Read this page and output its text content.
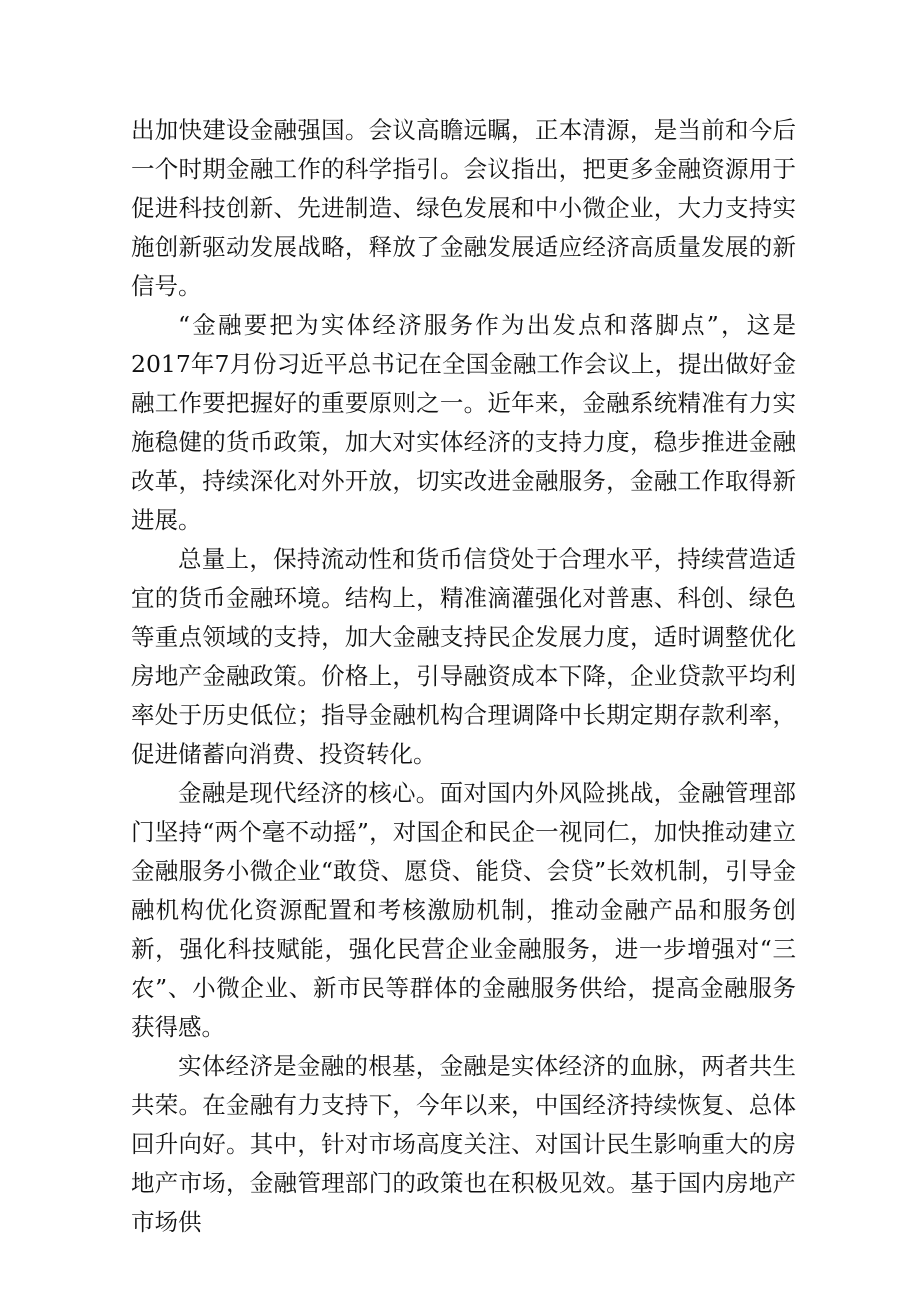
出加快建设金融强国。会议高瞻远瞩，正本清源，是当前和今后一个时期金融工作的科学指引。会议指出，把更多金融资源用于促进科技创新、先进制造、绿色发展和中小微企业，大力支持实施创新驱动发展战略，释放了金融发展适应经济高质量发展的新信号。

“金融要把为实体经济服务作为出发点和落脚点”，这是2017年7月份习近平总书记在全国金融工作会议上，提出做好金融工作要把握好的重要原则之一。近年来，金融系统精准有力实施稳健的货币政策，加大对实体经济的支持力度，稳步推进金融改革，持续深化对外开放，切实改进金融服务，金融工作取得新进展。

总量上，保持流动性和货币信贷处于合理水平，持续营造适宜的货币金融环境。结构上，精准滴灌强化对普惠、科创、绿色等重点领域的支持，加大金融支持民企发展力度，适时调整优化房地产金融政策。价格上，引导融资成本下降，企业贷款平均利率处于历史低位；指导金融机构合理调降中长期定期存款利率，促进储蓄向消费、投资转化。

金融是现代经济的核心。面对国内外风险挑战，金融管理部门坚持“两个毫不动摇”，对国企和民企一视同仁，加快推动建立金融服务小微企业“敢贷、愿贷、能贷、会贷”长效机制，引导金融机构优化资源配置和考核激励机制，推动金融产品和服务创新，强化科技赋能，强化民营企业金融服务，进一步增强对“三农”、小微企业、新市民等群体的金融服务供给，提高金融服务获得感。

实体经济是金融的根基，金融是实体经济的血脉，两者共生共荣。在金融有力支持下，今年以来，中国经济持续恢复、总体回升向好。其中，针对市场高度关注、对国计民生影响重大的房地产市场，金融管理部门的政策也在积极见效。基于国内房地产市场供
